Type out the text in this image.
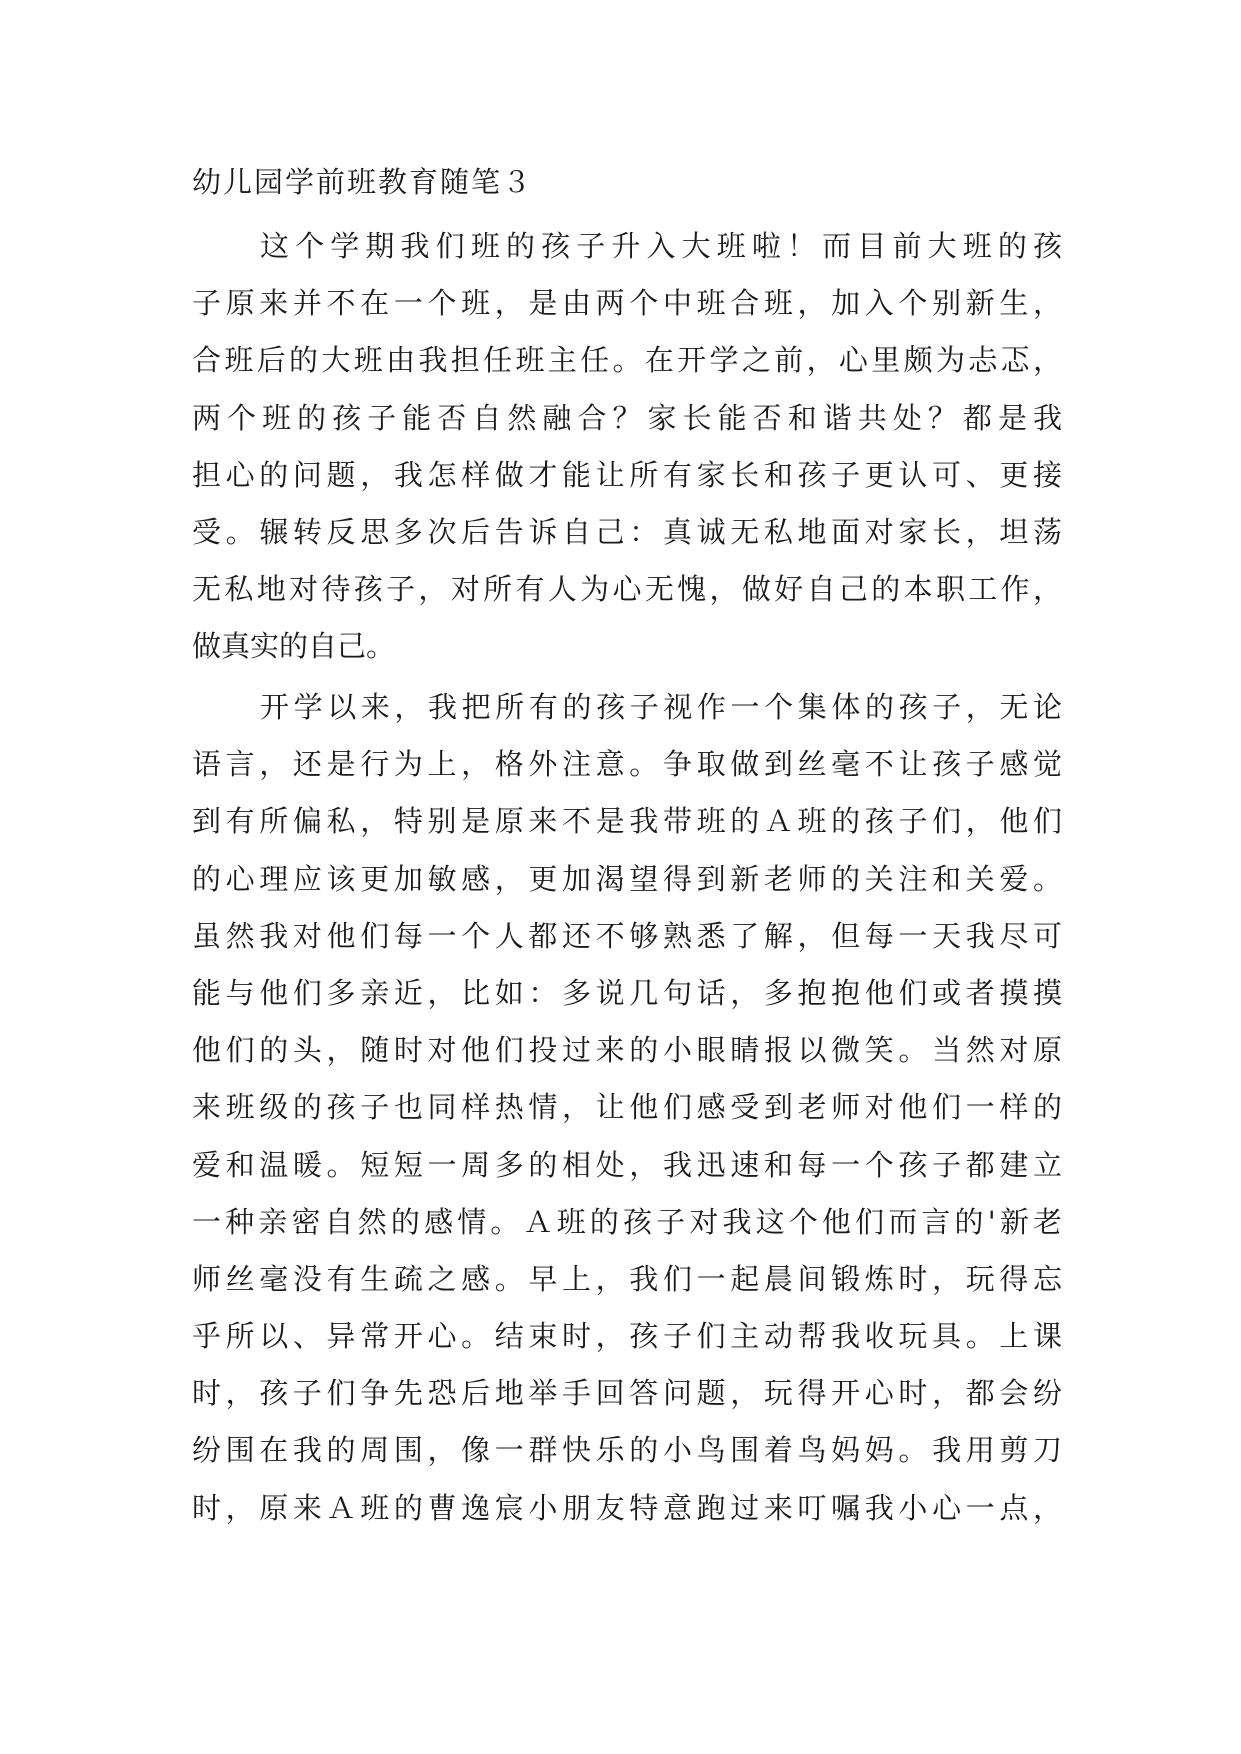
幼儿园学前班教育随笔３
这个学期我们班的孩子升入大班啦！而目前大班的孩
子原来并不在一个班，是由两个中班合班，加入个别新生，
合班后的大班由我担任班主任。在开学之前，心里颇为忐忑，
两个班的孩子能否自然融合？家长能否和谐共处？都是我
担心的问题，我怎样做才能让所有家长和孩子更认可、更接
受。辗转反思多次后告诉自己：真诚无私地面对家长，坦荡
无私地对待孩子，对所有人为心无愧，做好自己的本职工作，
做真实的自己。
开学以来，我把所有的孩子视作一个集体的孩子，无论
语言，还是行为上，格外注意。争取做到丝毫不让孩子感觉
到有所偏私，特别是原来不是我带班的Ａ班的孩子们，他们
的心理应该更加敏感，更加渴望得到新老师的关注和关爱。
虽然我对他们每一个人都还不够熟悉了解，但每一天我尽可
能与他们多亲近，比如：多说几句话，多抱抱他们或者摸摸
他们的头，随时对他们投过来的小眼睛报以微笑。当然对原
来班级的孩子也同样热情，让他们感受到老师对他们一样的
爱和温暖。短短一周多的相处，我迅速和每一个孩子都建立
一种亲密自然的感情。Ａ班的孩子对我这个他们而言的'新老
师丝毫没有生疏之感。早上，我们一起晨间锻炼时，玩得忘
乎所以、异常开心。结束时，孩子们主动帮我收玩具。上课
时，孩子们争先恐后地举手回答问题，玩得开心时，都会纷
纷围在我的周围，像一群快乐的小鸟围着鸟妈妈。我用剪刀
时，原来Ａ班的曹逸宸小朋友特意跑过来叮嘱我小心一点，
